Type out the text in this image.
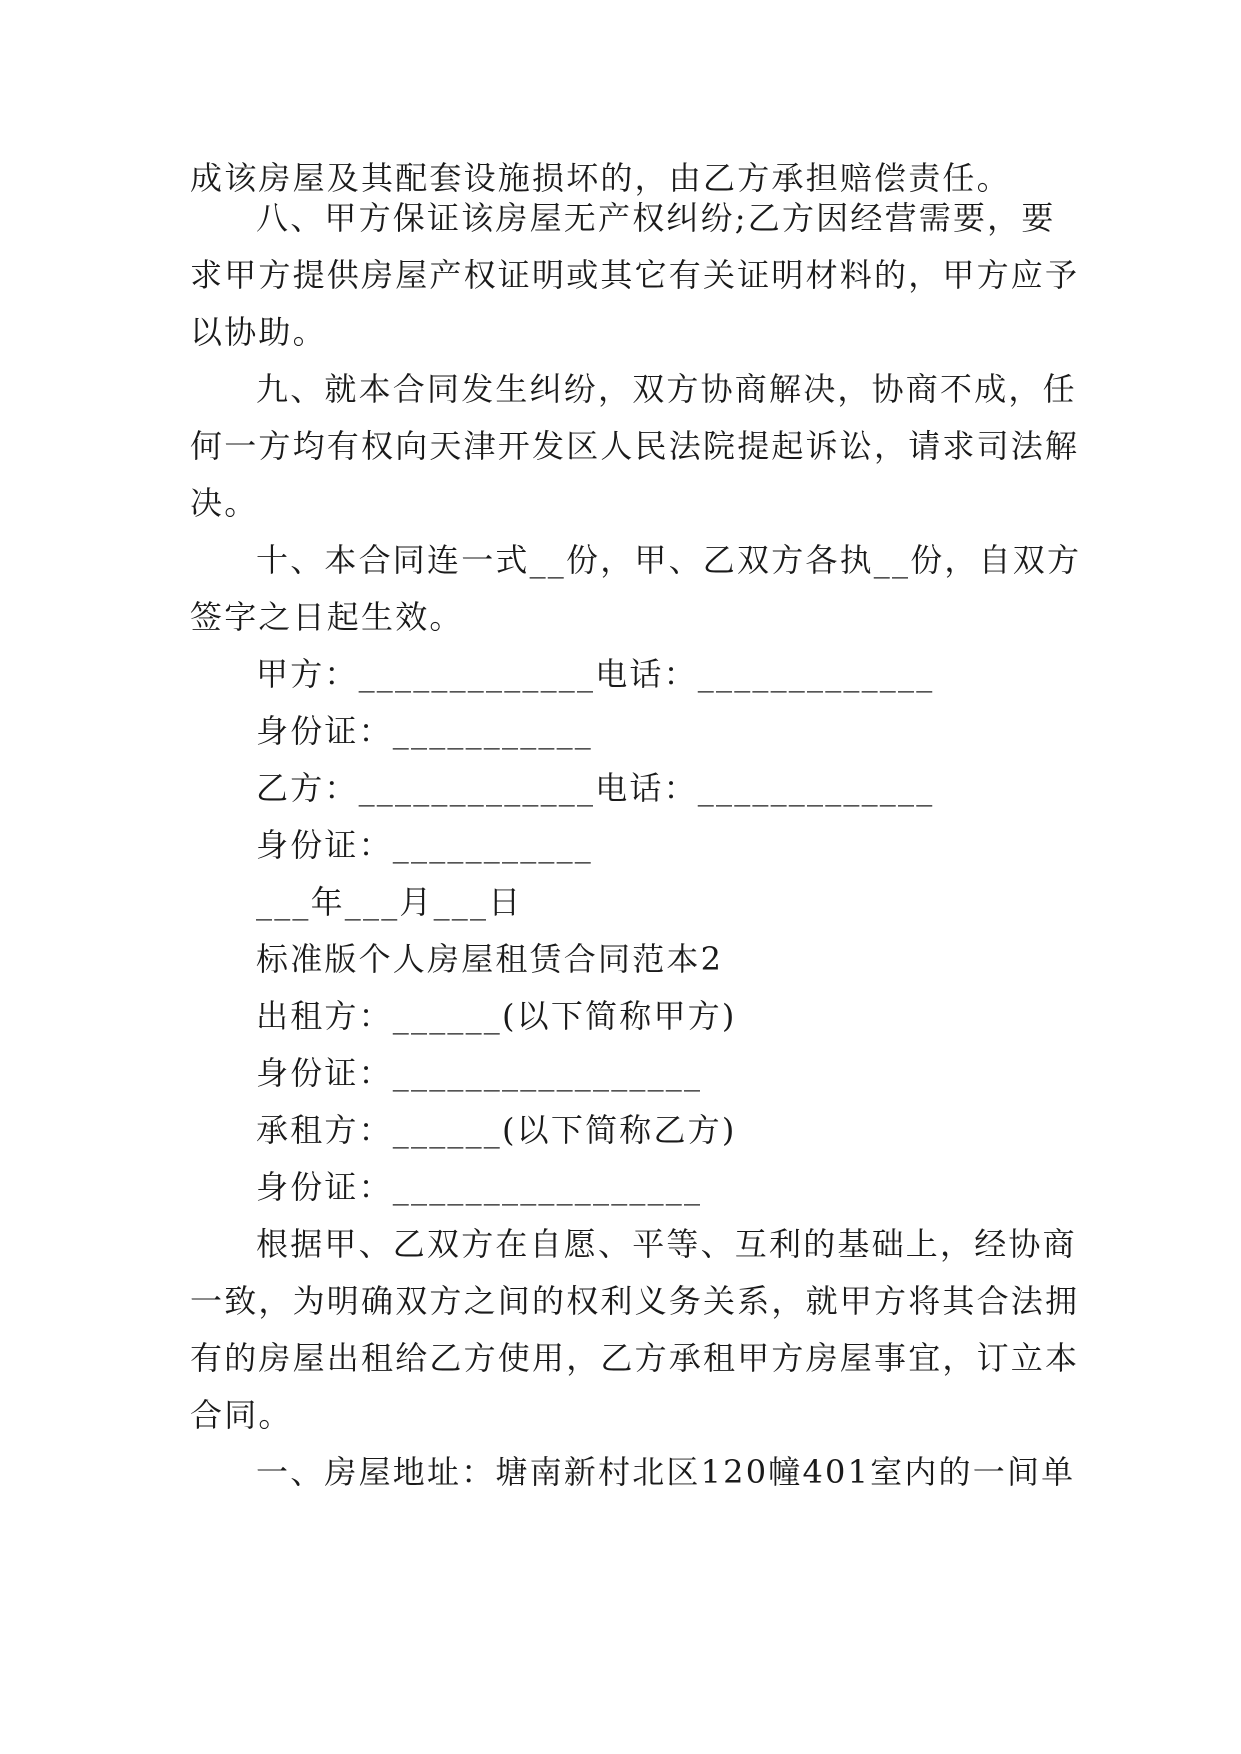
成该房屋及其配套设施损坏的，由乙方承担赔偿责任。
八、甲方保证该房屋无产权纠纷;乙方因经营需要，要
求甲方提供房屋产权证明或其它有关证明材料的，甲方应予
以协助。
九、就本合同发生纠纷，双方协商解决，协商不成，任
何一方均有权向天津开发区人民法院提起诉讼，请求司法解
决。
十、本合同连一式__份，甲、乙双方各执__份，自双方
签字之日起生效。
甲方：_____________电话：_____________
身份证：___________
乙方：_____________电话：_____________
身份证：___________
___年___月___日
标准版个人房屋租赁合同范本2
出租方：______(以下简称甲方)
身份证：_________________
承租方：______(以下简称乙方)
身份证：_________________
根据甲、乙双方在自愿、平等、互利的基础上，经协商
一致，为明确双方之间的权利义务关系，就甲方将其合法拥
有的房屋出租给乙方使用，乙方承租甲方房屋事宜，订立本
合同。
一、房屋地址：塘南新村北区120幢401室内的一间单
